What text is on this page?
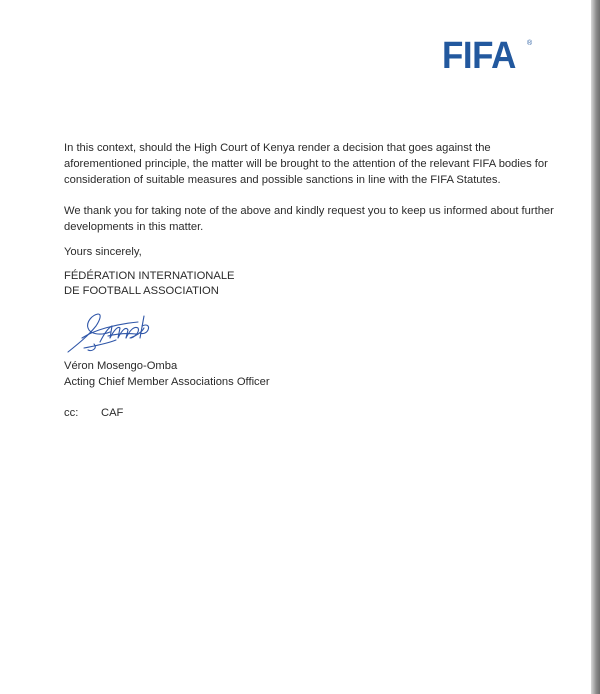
FIFA ®

In this context, should the High Court of Kenya render a decision that goes against the aforementioned principle, the matter will be brought to the attention of the relevant FIFA bodies for consideration of suitable measures and possible sanctions in line with the FIFA Statutes.

We thank you for taking note of the above and kindly request you to keep us informed about further developments in this matter.

Yours sincerely,

FÉDÉRATION INTERNATIONALE

DE FOOTBALL ASSOCIATION

Véron Mosengo-Omba

Acting Chief Member Associations Officer

cc: CAF
